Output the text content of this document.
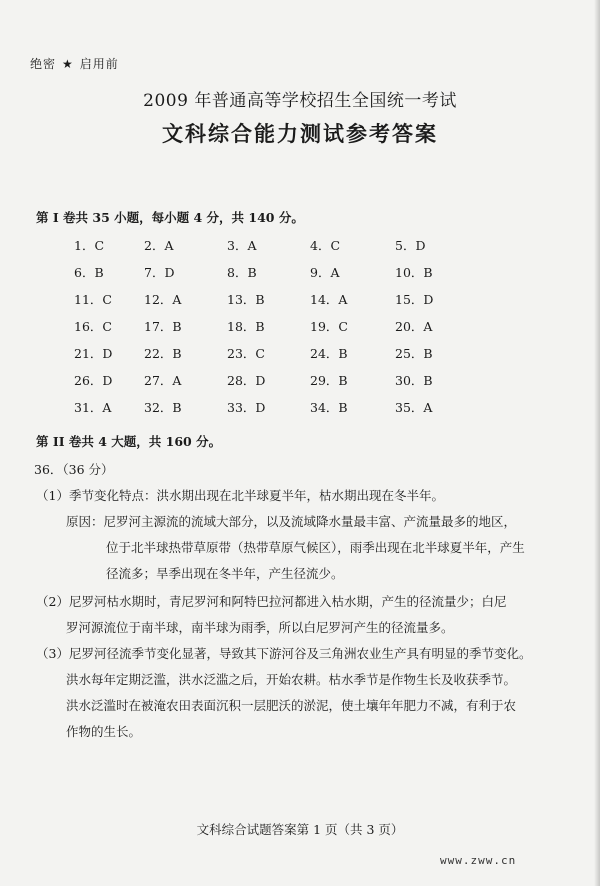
绝密 ★ 启用前
2009 年普通高等学校招生全国统一考试
文科综合能力测试参考答案
第 I 卷共 35 小题，每小题 4 分，共 140 分。
1．C	2．A	3．A	4．C	5．D
6．B	7．D	8．B	9．A	10．B
11．C	12．A	13．B	14．A	15．D
16．C	17．B	18．B	19．C	20．A
21．D	22．B	23．C	24．B	25．B
26．D	27．A	28．D	29．B	30．B
31．A	32．B	33．D	34．B	35．A
第 II 卷共 4 大题，共 160 分。
36．（36 分）
（1）季节变化特点：洪水期出现在北半球夏半年，枯水期出现在冬半年。
原因：尼罗河主源流的流域大部分，以及流域降水量最丰富、产流量最多的地区，
位于北半球热带草原带（热带草原气候区），雨季出现在北半球夏半年，产生
径流多；旱季出现在冬半年，产生径流少。
（2）尼罗河枯水期时，青尼罗河和阿特巴拉河都进入枯水期，产生的径流量少；白尼
罗河源流位于南半球，南半球为雨季，所以白尼罗河产生的径流量多。
（3）尼罗河径流季节变化显著，导致其下游河谷及三角洲农业生产具有明显的季节变化。
洪水每年定期泛滥，洪水泛滥之后，开始农耕。枯水季节是作物生长及收获季节。
洪水泛滥时在被淹农田表面沉积一层肥沃的淤泥，使土壤年年肥力不减，有利于农
作物的生长。
文科综合试题答案第 1 页（共 3 页）
www.zww.cn
